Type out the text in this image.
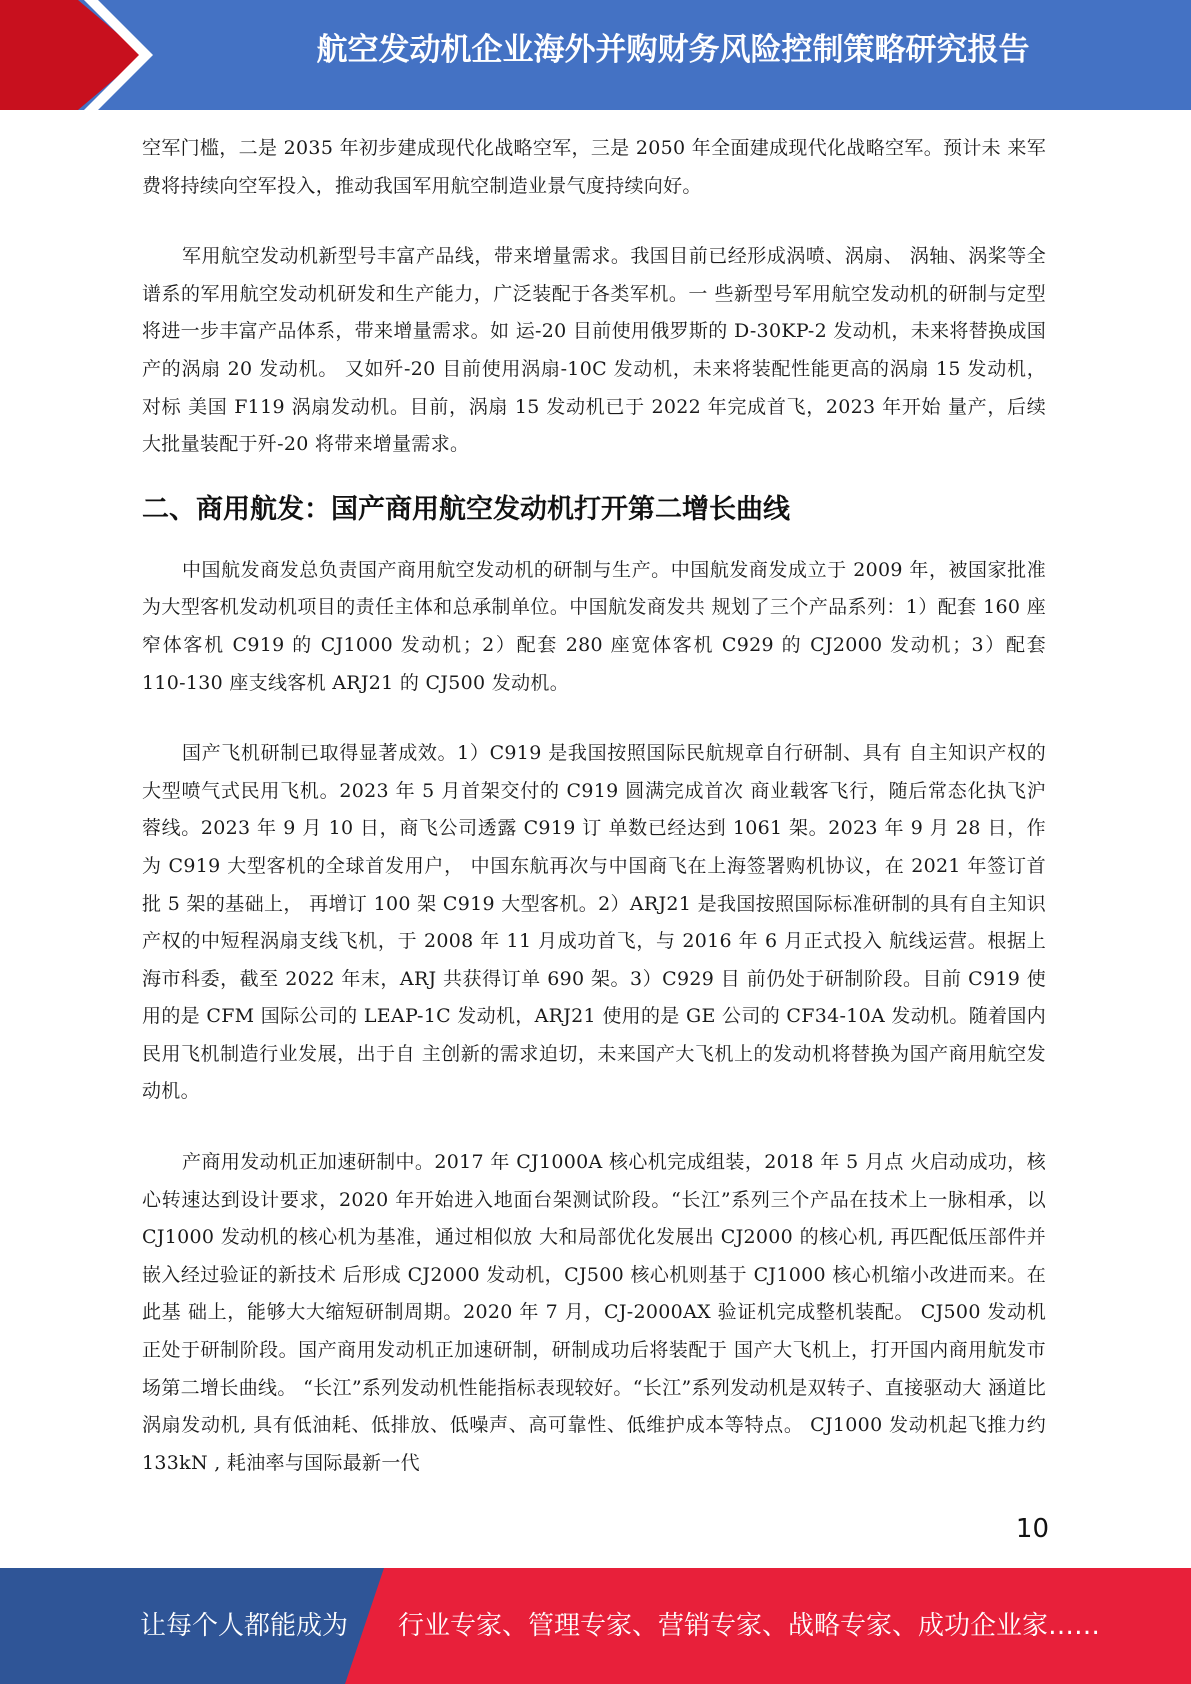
航空发动机企业海外并购财务风险控制策略研究报告

空军门槛，二是 2035 年初步建成现代化战略空军，三是 2050 年全面建成现代化战略空军。预计未 来军费将持续向空军投入，推动我国军用航空制造业景气度持续向好。

军用航空发动机新型号丰富产品线，带来增量需求。我国目前已经形成涡喷、涡扇、 涡轴、涡桨等全谱系的军用航空发动机研发和生产能力，广泛装配于各类军机。一 些新型号军用航空发动机的研制与定型将进一步丰富产品体系，带来增量需求。如 运-20 目前使用俄罗斯的 D-30KP-2 发动机，未来将替换成国产的涡扇 20 发动机。 又如歼-20 目前使用涡扇-10C 发动机，未来将装配性能更高的涡扇 15 发动机，对标 美国 F119 涡扇发动机。目前，涡扇 15 发动机已于 2022 年完成首飞，2023 年开始 量产，后续大批量装配于歼-20 将带来增量需求。

二、商用航发：国产商用航空发动机打开第二增长曲线

中国航发商发总负责国产商用航空发动机的研制与生产。中国航发商发成立于 2009 年，被国家批准为大型客机发动机项目的责任主体和总承制单位。中国航发商发共 规划了三个产品系列：1）配套 160 座窄体客机 C919 的 CJ1000 发动机；2）配套 280 座宽体客机 C929 的 CJ2000 发动机；3）配套 110-130 座支线客机 ARJ21 的 CJ500 发动机。

国产飞机研制已取得显著成效。1）C919 是我国按照国际民航规章自行研制、具有 自主知识产权的大型喷气式民用飞机。2023 年 5 月首架交付的 C919 圆满完成首次 商业载客飞行，随后常态化执飞沪蓉线。2023 年 9 月 10 日，商飞公司透露 C919 订 单数已经达到 1061 架。2023 年 9 月 28 日，作为 C919 大型客机的全球首发用户， 中国东航再次与中国商飞在上海签署购机协议，在 2021 年签订首批 5 架的基础上， 再增订 100 架 C919 大型客机。2）ARJ21 是我国按照国际标准研制的具有自主知识 产权的中短程涡扇支线飞机，于 2008 年 11 月成功首飞，与 2016 年 6 月正式投入 航线运营。根据上海市科委，截至 2022 年末，ARJ 共获得订单 690 架。3）C929 目 前仍处于研制阶段。目前 C919 使用的是 CFM 国际公司的 LEAP-1C 发动机，ARJ21 使用的是 GE 公司的 CF34-10A 发动机。随着国内民用飞机制造行业发展，出于自 主创新的需求迫切，未来国产大飞机上的发动机将替换为国产商用航空发动机。

产商用发动机正加速研制中。2017 年 CJ1000A 核心机完成组装，2018 年 5 月点 火启动成功，核心转速达到设计要求，2020 年开始进入地面台架测试阶段。“长江”系列三个产品在技术上一脉相承，以 CJ1000 发动机的核心机为基准，通过相似放 大和局部优化发展出 CJ2000 的核心机, 再匹配低压部件并嵌入经过验证的新技术 后形成 CJ2000 发动机，CJ500 核心机则基于 CJ1000 核心机缩小改进而来。在此基 础上，能够大大缩短研制周期。2020 年 7 月，CJ-2000AX 验证机完成整机装配。 CJ500 发动机正处于研制阶段。国产商用发动机正加速研制，研制成功后将装配于 国产大飞机上，打开国内商用航发市场第二增长曲线。 “长江”系列发动机性能指标表现较好。“长江”系列发动机是双转子、直接驱动大 涵道比涡扇发动机, 具有低油耗、低排放、低噪声、高可靠性、低维护成本等特点。 CJ1000 发动机起飞推力约 133kN , 耗油率与国际最新一代

10
让每个人都能成为 行业专家、管理专家、营销专家、战略专家、成功企业家……
